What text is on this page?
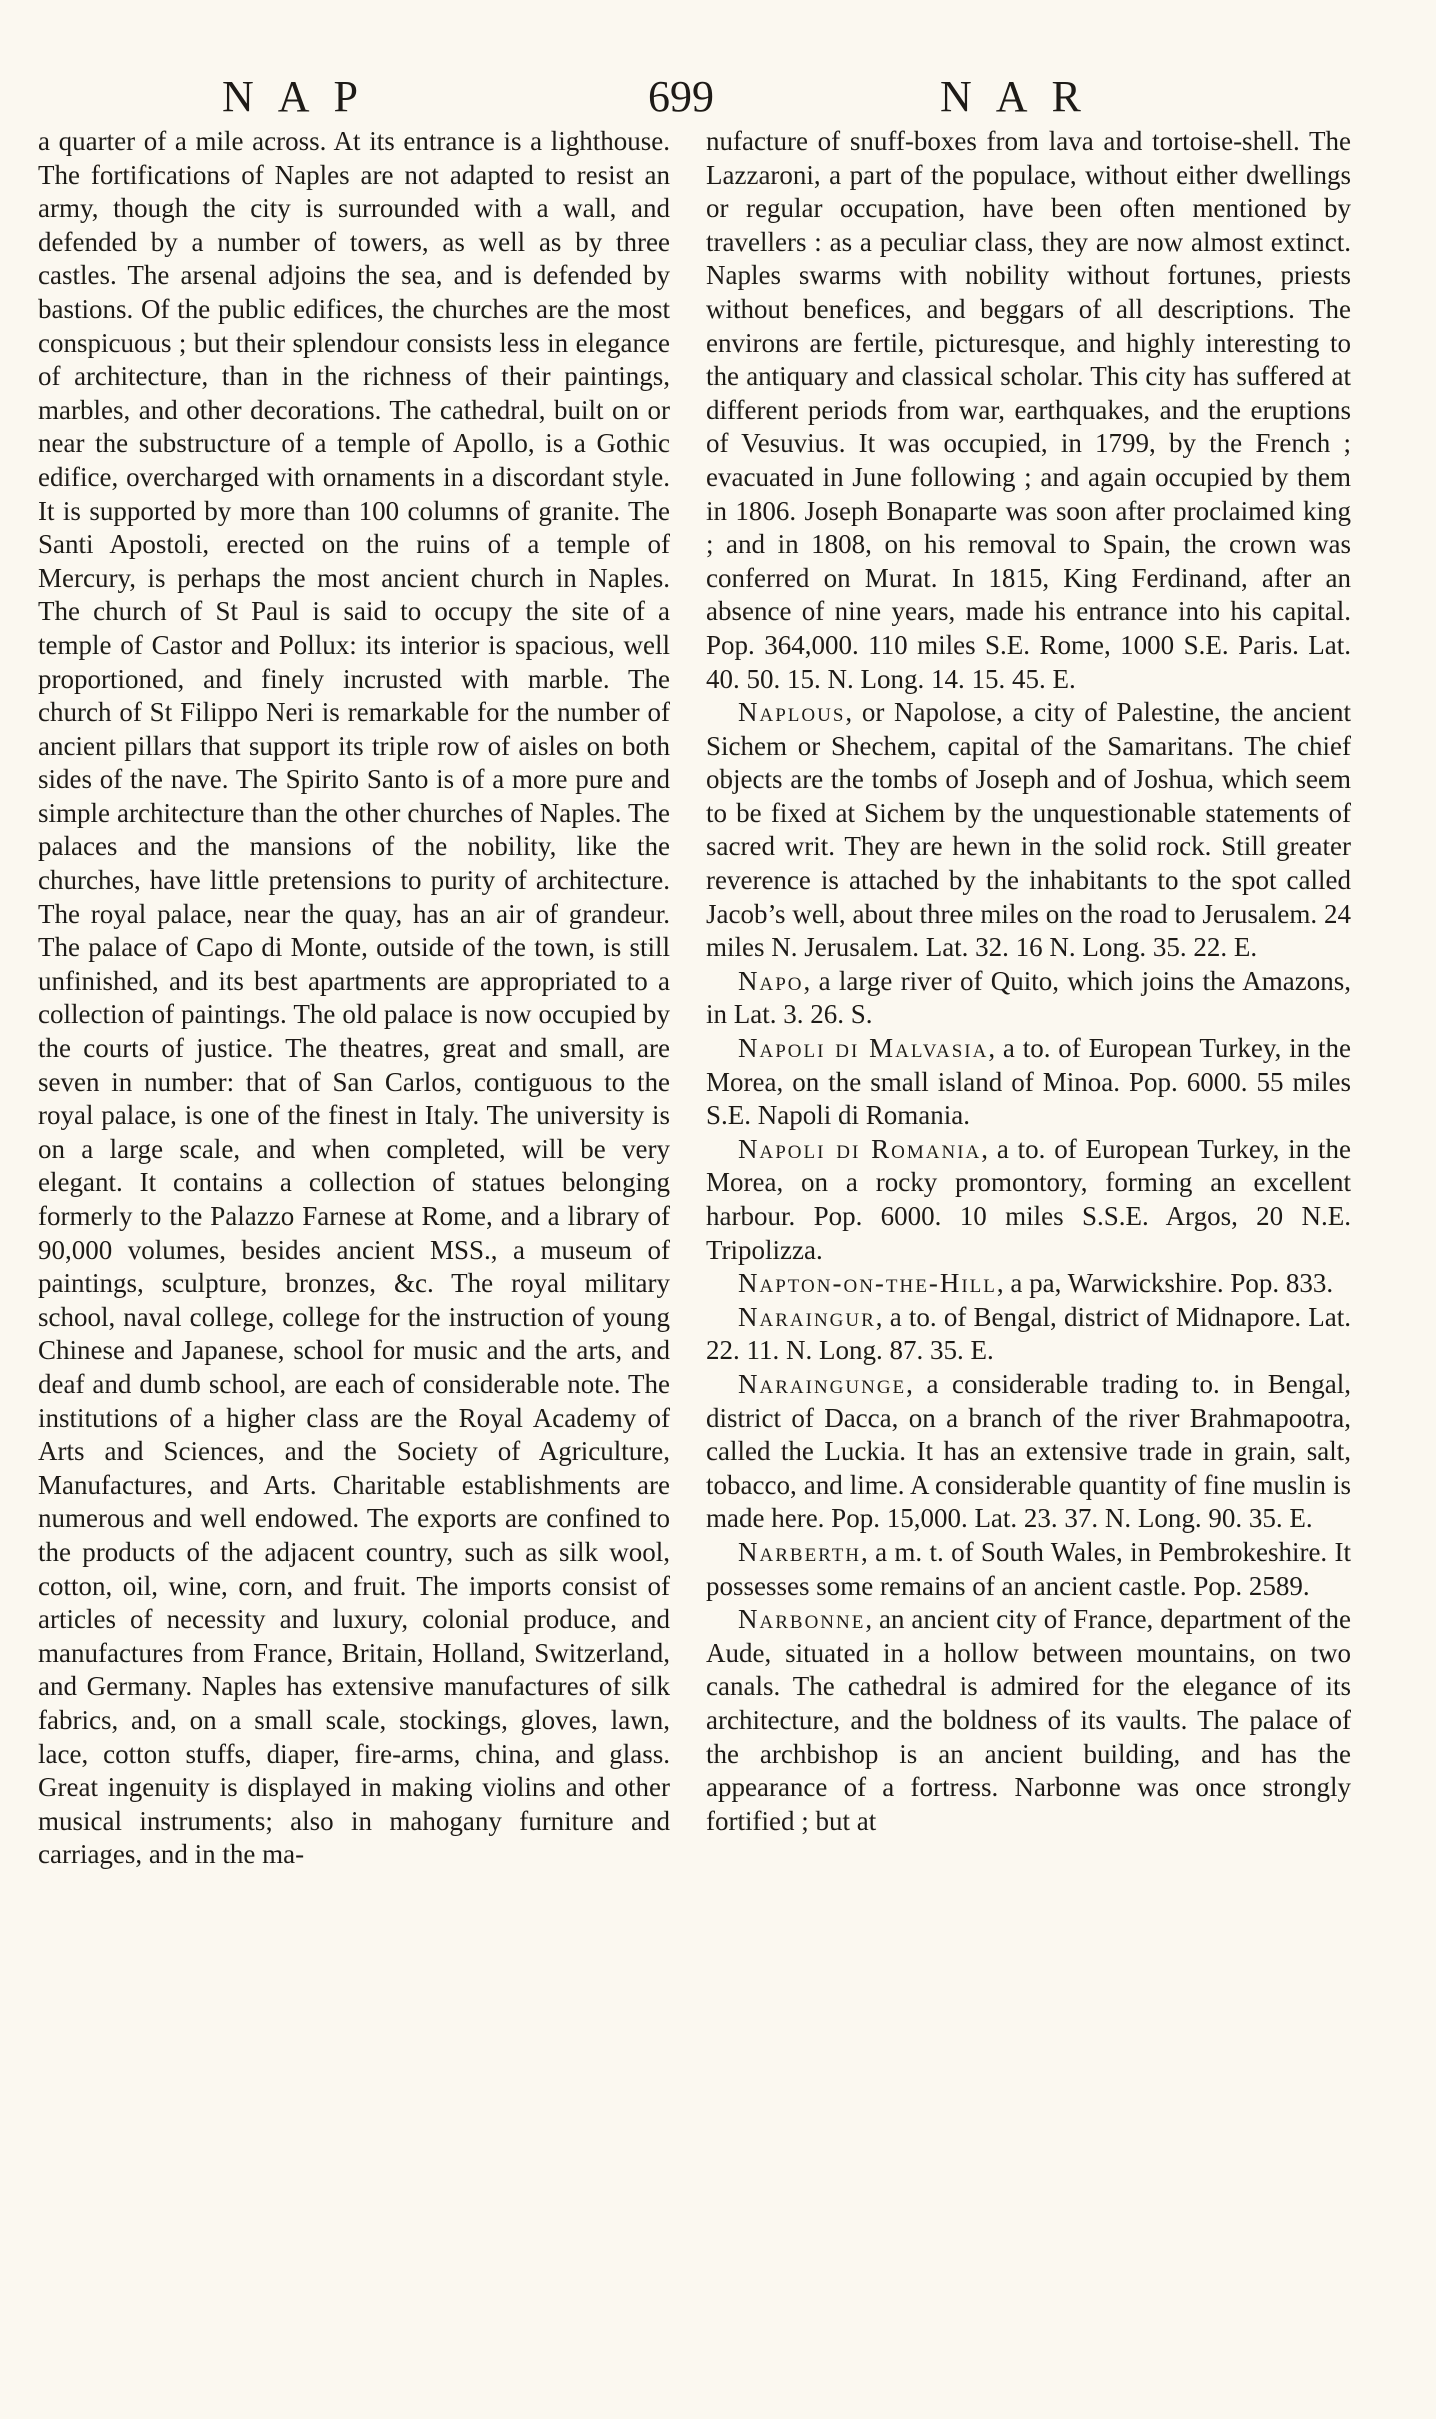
NAP	699	NAR

a quarter of a mile across. At its entrance is a lighthouse. The fortifications of Naples are not adapted to resist an army, though the city is surrounded with a wall, and defended by a number of towers, as well as by three castles. The arsenal adjoins the sea, and is defended by bastions. Of the public edifices, the churches are the most conspicuous ; but their splendour consists less in elegance of architecture, than in the richness of their paintings, marbles, and other decorations. The cathedral, built on or near the substructure of a temple of Apollo, is a Gothic edifice, overcharged with ornaments in a discordant style. It is supported by more than 100 columns of granite. The Santi Apostoli, erected on the ruins of a temple of Mercury, is perhaps the most ancient church in Naples. The church of St Paul is said to occupy the site of a temple of Castor and Pollux: its interior is spacious, well proportioned, and finely incrusted with marble. The church of St Filippo Neri is remarkable for the number of ancient pillars that support its triple row of aisles on both sides of the nave. The Spirito Santo is of a more pure and simple architecture than the other churches of Naples. The palaces and the mansions of the nobility, like the churches, have little pretensions to purity of architecture. The royal palace, near the quay, has an air of grandeur. The palace of Capo di Monte, outside of the town, is still unfinished, and its best apartments are appropriated to a collection of paintings. The old palace is now occupied by the courts of justice. The theatres, great and small, are seven in number: that of San Carlos, contiguous to the royal palace, is one of the finest in Italy. The university is on a large scale, and when completed, will be very elegant. It contains a collection of statues belonging formerly to the Palazzo Farnese at Rome, and a library of 90,000 volumes, besides ancient MSS., a museum of paintings, sculpture, bronzes, &c. The royal military school, naval college, college for the instruction of young Chinese and Japanese, school for music and the arts, and deaf and dumb school, are each of considerable note. The institutions of a higher class are the Royal Academy of Arts and Sciences, and the Society of Agriculture, Manufactures, and Arts. Charitable establishments are numerous and well endowed. The exports are confined to the products of the adjacent country, such as silk wool, cotton, oil, wine, corn, and fruit. The imports consist of articles of necessity and luxury, colonial produce, and manufactures from France, Britain, Holland, Switzerland, and Germany. Naples has extensive manufactures of silk fabrics, and, on a small scale, stockings, gloves, lawn, lace, cotton stuffs, diaper, fire-arms, china, and glass. Great ingenuity is displayed in making violins and other musical instruments; also in mahogany furniture and carriages, and in the ma-

nufacture of snuff-boxes from lava and tortoise-shell. The Lazzaroni, a part of the populace, without either dwellings or regular occupation, have been often mentioned by travellers : as a peculiar class, they are now almost extinct. Naples swarms with nobility without fortunes, priests without benefices, and beggars of all descriptions. The environs are fertile, picturesque, and highly interesting to the antiquary and classical scholar. This city has suffered at different periods from war, earthquakes, and the eruptions of Vesuvius. It was occupied, in 1799, by the French ; evacuated in June following ; and again occupied by them in 1806. Joseph Bonaparte was soon after proclaimed king ; and in 1808, on his removal to Spain, the crown was conferred on Murat. In 1815, King Ferdinand, after an absence of nine years, made his entrance into his capital. Pop. 364,000. 110 miles S.E. Rome, 1000 S.E. Paris. Lat. 40. 50. 15. N. Long. 14. 15. 45. E.

Naplous, or Napolose, a city of Palestine, the ancient Sichem or Shechem, capital of the Samaritans. The chief objects are the tombs of Joseph and of Joshua, which seem to be fixed at Sichem by the unquestionable statements of sacred writ. They are hewn in the solid rock. Still greater reverence is attached by the inhabitants to the spot called Jacob’s well, about three miles on the road to Jerusalem. 24 miles N. Jerusalem. Lat. 32. 16 N. Long. 35. 22. E.

Napo, a large river of Quito, which joins the Amazons, in Lat. 3. 26. S.

Napoli di Malvasia, a to. of European Turkey, in the Morea, on the small island of Minoa. Pop. 6000. 55 miles S.E. Napoli di Romania.

Napoli di Romania, a to. of European Turkey, in the Morea, on a rocky promontory, forming an excellent harbour. Pop. 6000. 10 miles S.S.E. Argos, 20 N.E. Tripolizza.

Napton-on-the-Hill, a pa, Warwickshire. Pop. 833.

Naraingur, a to. of Bengal, district of Midnapore. Lat. 22. 11. N. Long. 87. 35. E.

Naraingunge, a considerable trading to. in Bengal, district of Dacca, on a branch of the river Brahmapootra, called the Luckia. It has an extensive trade in grain, salt, tobacco, and lime. A considerable quantity of fine muslin is made here. Pop. 15,000. Lat. 23. 37. N. Long. 90. 35. E.

Narberth, a m. t. of South Wales, in Pembrokeshire. It possesses some remains of an ancient castle. Pop. 2589.

Narbonne, an ancient city of France, department of the Aude, situated in a hollow between mountains, on two canals. The cathedral is admired for the elegance of its architecture, and the boldness of its vaults. The palace of the archbishop is an ancient building, and has the appearance of a fortress. Narbonne was once strongly fortified ; but at
